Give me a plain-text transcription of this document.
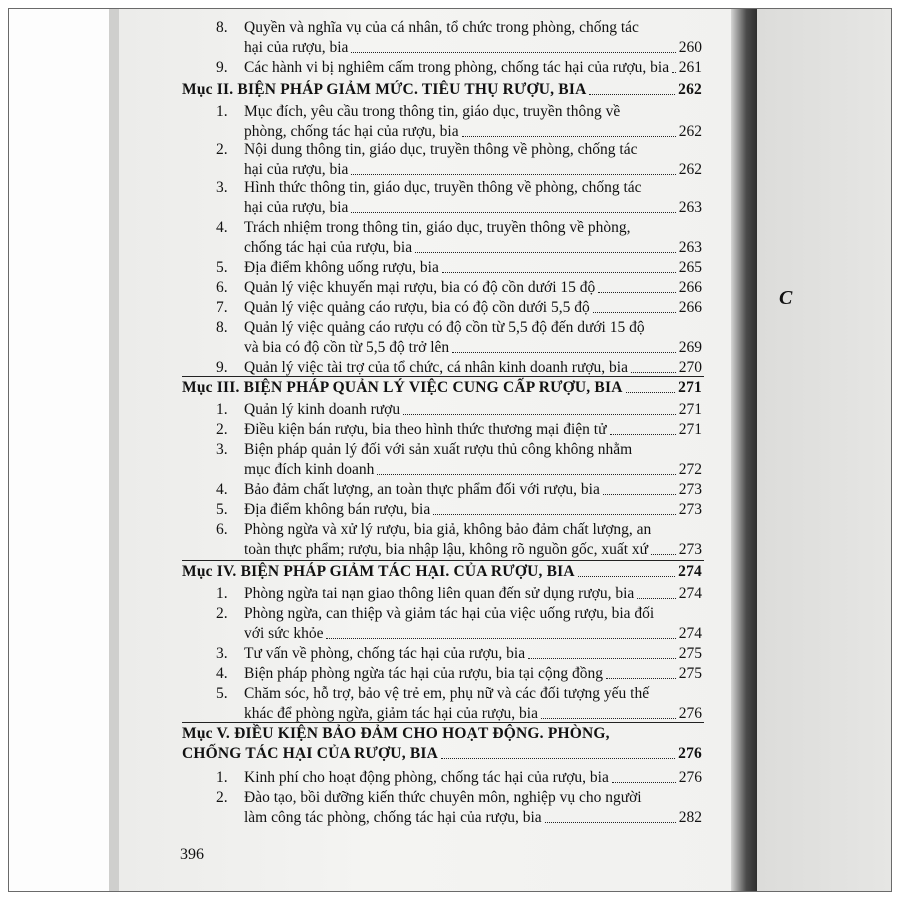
C
8. Quyền và nghĩa vụ của cá nhân, tổ chức trong phòng, chống tác
hại của rượu, bia	260
9. Các hành vi bị nghiêm cấm trong phòng, chống tác hại của rượu, bia 261
Mục II. BIỆN PHÁP GIẢM MỨC. TIÊU THỤ RƯỢU, BIA	262
1. Mục đích, yêu cầu trong thông tin, giáo dục, truyền thông về
phòng, chống tác hại của rượu, bia	262
2. Nội dung thông tin, giáo dục, truyền thông về phòng, chống tác
hại của rượu, bia	262
3. Hình thức thông tin, giáo dục, truyền thông về phòng, chống tác
hại của rượu, bia	263
4. Trách nhiệm trong thông tin, giáo dục, truyền thông về phòng,
chống tác hại của rượu, bia	263
5. Địa điểm không uống rượu, bia	265
6. Quản lý việc khuyến mại rượu, bia có độ cồn dưới 15 độ	266
7. Quản lý việc quảng cáo rượu, bia có độ cồn dưới 5,5 độ	266
8. Quản lý việc quảng cáo rượu có độ cồn từ 5,5 độ đến dưới 15 độ
và bia có độ cồn từ 5,5 độ trở lên	269
9. Quản lý việc tài trợ của tổ chức, cá nhân kinh doanh rượu, bia	270
Mục III. BIỆN PHÁP QUẢN LÝ VIỆC CUNG CẤP RƯỢU, BIA	271
1. Quản lý kinh doanh rượu	271
2. Điều kiện bán rượu, bia theo hình thức thương mại điện tử	271
3. Biện pháp quản lý đối với sản xuất rượu thủ công không nhằm
mục đích kinh doanh	272
4. Bảo đảm chất lượng, an toàn thực phẩm đối với rượu, bia	273
5. Địa điểm không bán rượu, bia	273
6. Phòng ngừa và xử lý rượu, bia giả, không bảo đảm chất lượng, an
toàn thực phẩm; rượu, bia nhập lậu, không rõ nguồn gốc, xuất xứ 273
Mục IV. BIỆN PHÁP GIẢM TÁC HẠI. CỦA RƯỢU, BIA	274
1. Phòng ngừa tai nạn giao thông liên quan đến sử dụng rượu, bia	274
2. Phòng ngừa, can thiệp và giảm tác hại của việc uống rượu, bia đối
với sức khỏe	274
3. Tư vấn về phòng, chống tác hại của rượu, bia	275
4. Biện pháp phòng ngừa tác hại của rượu, bia tại cộng đồng	275
5. Chăm sóc, hỗ trợ, bảo vệ trẻ em, phụ nữ và các đối tượng yếu thế
khác để phòng ngừa, giảm tác hại của rượu, bia	276
Mục V. ĐIỀU KIỆN BẢO ĐẢM CHO HOẠT ĐỘNG. PHÒNG,
CHỐNG TÁC HẠI CỦA RƯỢU, BIA	276
1. Kinh phí cho hoạt động phòng, chống tác hại của rượu, bia	276
2. Đào tạo, bồi dưỡng kiến thức chuyên môn, nghiệp vụ cho người
làm công tác phòng, chống tác hại của rượu, bia	282
396
